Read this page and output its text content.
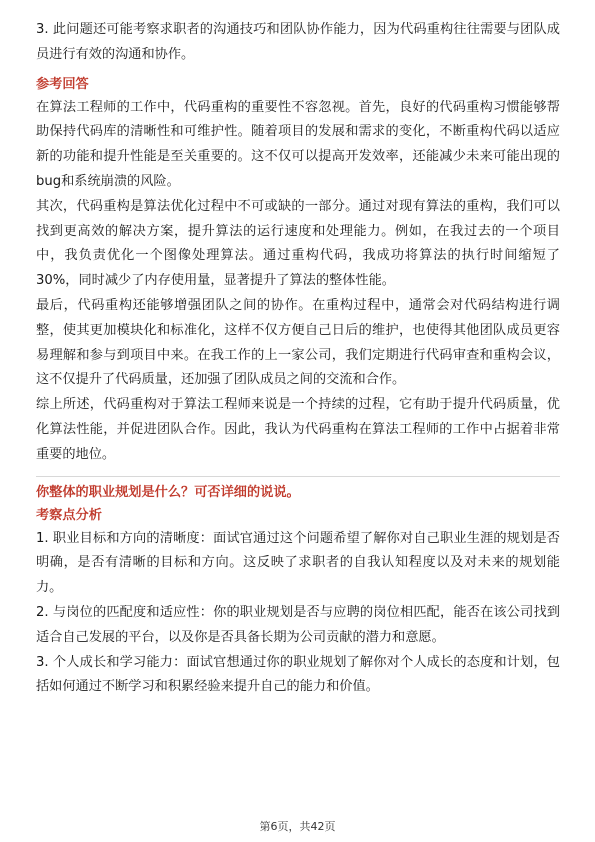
3. 此问题还可能考察求职者的沟通技巧和团队协作能力，因为代码重构往往需要与团队成员进行有效的沟通和协作。

参考回答

在算法工程师的工作中，代码重构的重要性不容忽视。首先，良好的代码重构习惯能够帮助保持代码库的清晰性和可维护性。随着项目的发展和需求的变化，不断重构代码以适应新的功能和提升性能是至关重要的。这不仅可以提高开发效率，还能减少未来可能出现的bug和系统崩溃的风险。

其次，代码重构是算法优化过程中不可或缺的一部分。通过对现有算法的重构，我们可以找到更高效的解决方案，提升算法的运行速度和处理能力。例如，在我过去的一个项目中，我负责优化一个图像处理算法。通过重构代码，我成功将算法的执行时间缩短了30%，同时减少了内存使用量，显著提升了算法的整体性能。

最后，代码重构还能够增强团队之间的协作。在重构过程中，通常会对代码结构进行调整，使其更加模块化和标准化，这样不仅方便自己日后的维护，也使得其他团队成员更容易理解和参与到项目中来。在我工作的上一家公司，我们定期进行代码审查和重构会议，这不仅提升了代码质量，还加强了团队成员之间的交流和合作。

综上所述，代码重构对于算法工程师来说是一个持续的过程，它有助于提升代码质量，优化算法性能，并促进团队合作。因此，我认为代码重构在算法工程师的工作中占据着非常重要的地位。

你整体的职业规划是什么？可否详细的说说。

考察点分析

1. 职业目标和方向的清晰度：面试官通过这个问题希望了解你对自己职业生涯的规划是否明确，是否有清晰的目标和方向。这反映了求职者的自我认知程度以及对未来的规划能力。

2. 与岗位的匹配度和适应性：你的职业规划是否与应聘的岗位相匹配，能否在该公司找到适合自己发展的平台，以及你是否具备长期为公司贡献的潜力和意愿。

3. 个人成长和学习能力：面试官想通过你的职业规划了解你对个人成长的态度和计划，包括如何通过不断学习和积累经验来提升自己的能力和价值。

第6页，共42页
